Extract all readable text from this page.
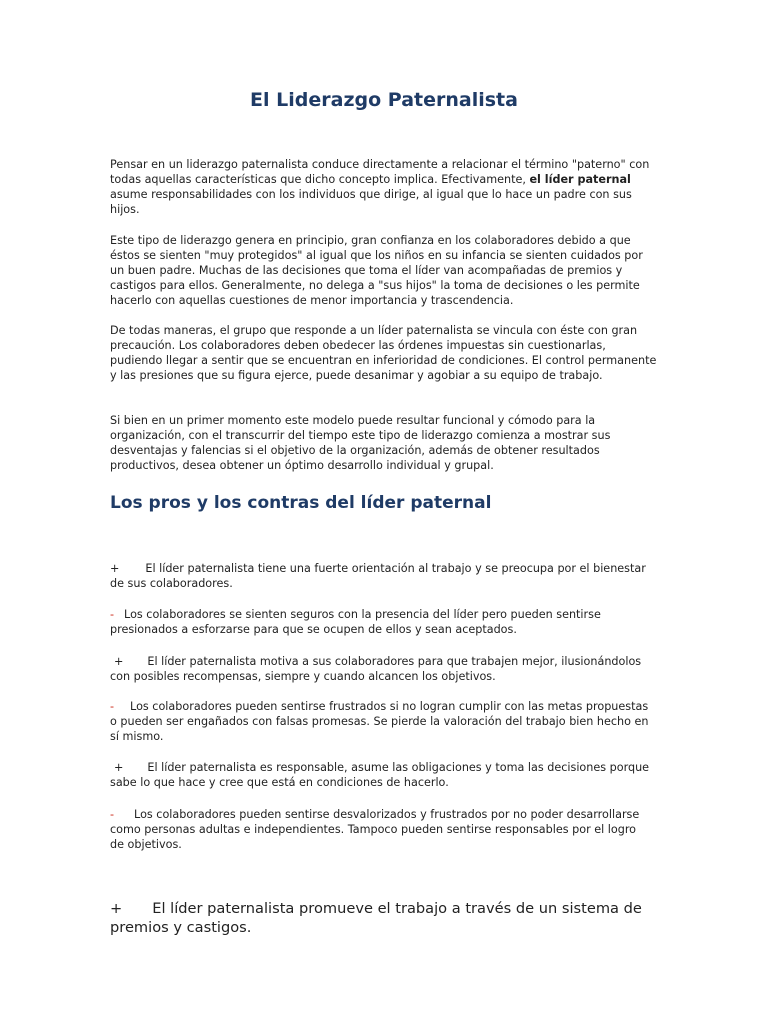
El Liderazgo Paternalista

Pensar en un liderazgo paternalista conduce directamente a relacionar el término "paterno" con todas aquellas características que dicho concepto implica. Efectivamente, el líder paternal asume responsabilidades con los individuos que dirige, al igual que lo hace un padre con sus hijos.

Este tipo de liderazgo genera en principio, gran confianza en los colaboradores debido a que éstos se sienten "muy protegidos" al igual que los niños en su infancia se sienten cuidados por un buen padre. Muchas de las decisiones que toma el líder van acompañadas de premios y castigos para ellos. Generalmente, no delega a "sus hijos" la toma de decisiones o les permite hacerlo con aquellas cuestiones de menor importancia y trascendencia.

De todas maneras, el grupo que responde a un líder paternalista se vincula con éste con gran precaución. Los colaboradores deben obedecer las órdenes impuestas sin cuestionarlas, pudiendo llegar a sentir que se encuentran en inferioridad de condiciones. El control permanente y las presiones que su figura ejerce, puede desanimar y agobiar a su equipo de trabajo.

Si bien en un primer momento este modelo puede resultar funcional y cómodo para la organización, con el transcurrir del tiempo este tipo de liderazgo comienza a mostrar sus desventajas y falencias si el objetivo de la organización, además de obtener resultados productivos, desea obtener un óptimo desarrollo individual y grupal.

Los pros y los contras del líder paternal

+ El líder paternalista tiene una fuerte orientación al trabajo y se preocupa por el bienestar de sus colaboradores.

- Los colaboradores se sienten seguros con la presencia del líder pero pueden sentirse presionados a esforzarse para que se ocupen de ellos y sean aceptados.

+ El líder paternalista motiva a sus colaboradores para que trabajen mejor, ilusionándolos con posibles recompensas, siempre y cuando alcancen los objetivos.

- Los colaboradores pueden sentirse frustrados si no logran cumplir con las metas propuestas o pueden ser engañados con falsas promesas. Se pierde la valoración del trabajo bien hecho en sí mismo.

+ El líder paternalista es responsable, asume las obligaciones y toma las decisiones porque sabe lo que hace y cree que está en condiciones de hacerlo.

- Los colaboradores pueden sentirse desvalorizados y frustrados por no poder desarrollarse como personas adultas e independientes. Tampoco pueden sentirse responsables por el logro de objetivos.

+ El líder paternalista promueve el trabajo a través de un sistema de premios y castigos.
